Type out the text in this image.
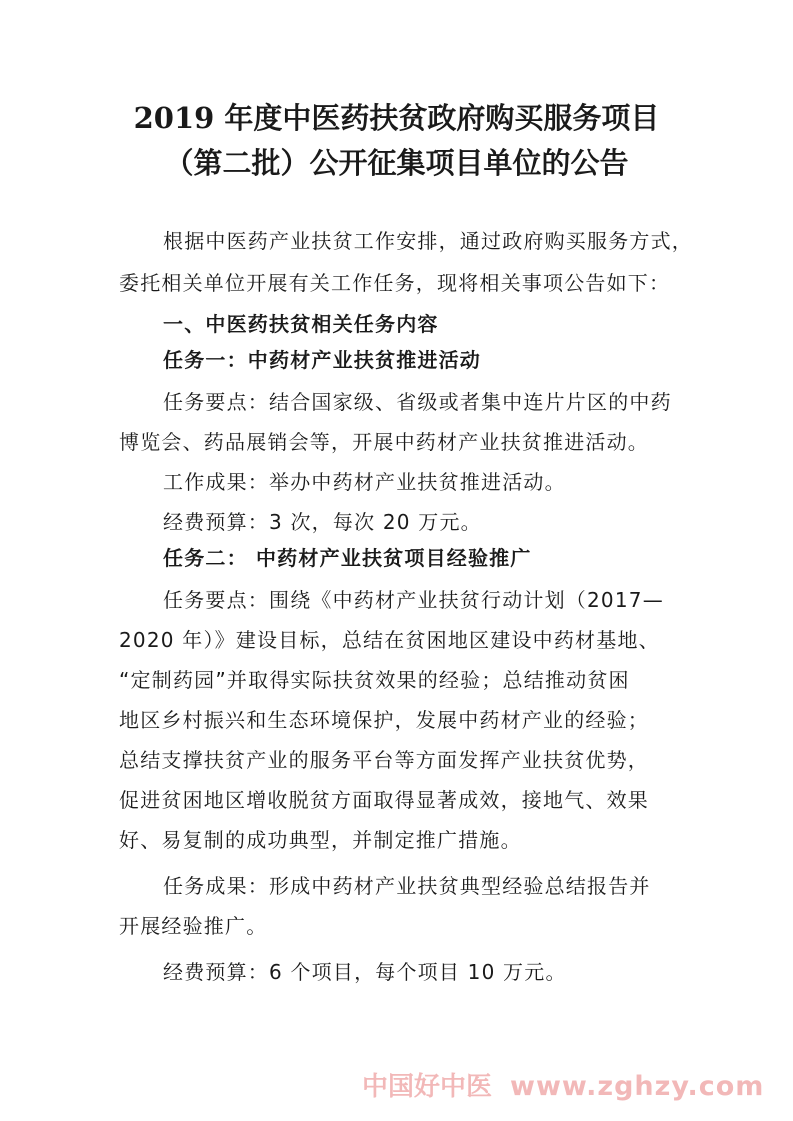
2019 年度中医药扶贫政府购买服务项目
（第二批）公开征集项目单位的公告
根据中医药产业扶贫工作安排，通过政府购买服务方式，
委托相关单位开展有关工作任务，现将相关事项公告如下：
一、中医药扶贫相关任务内容
任务一：中药材产业扶贫推进活动
任务要点：结合国家级、省级或者集中连片片区的中药
博览会、药品展销会等，开展中药材产业扶贫推进活动。
工作成果：举办中药材产业扶贫推进活动。
经费预算：3 次，每次 20 万元。
任务二： 中药材产业扶贫项目经验推广
任务要点：围绕《中药材产业扶贫行动计划（2017—
2020 年）》建设目标，总结在贫困地区建设中药材基地、
“定制药园”并取得实际扶贫效果的经验；总结推动贫困
地区乡村振兴和生态环境保护，发展中药材产业的经验；
总结支撑扶贫产业的服务平台等方面发挥产业扶贫优势，
促进贫困地区增收脱贫方面取得显著成效，接地气、效果
好、易复制的成功典型，并制定推广措施。
任务成果：形成中药材产业扶贫典型经验总结报告并
开展经验推广。
经费预算：6 个项目，每个项目 10 万元。
中国好中医 www.zghzy.com
